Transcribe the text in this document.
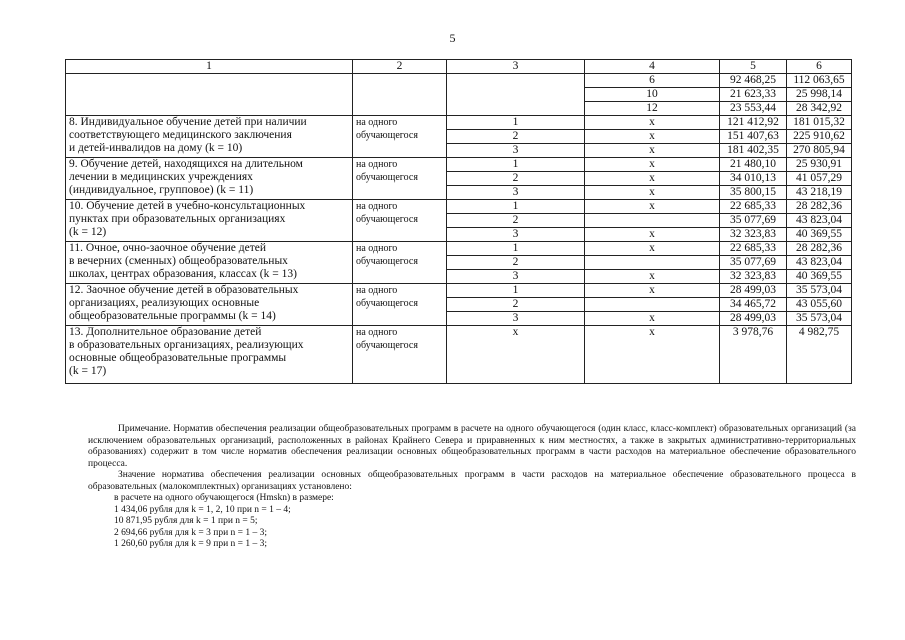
5
1	2	3	4	5	6
			6	92 468,25	112 063,65
			10	21 623,33	25 998,14
			12	23 553,44	28 342,92
8. Индивидуальное обучение детей при наличии
соответствующего медицинского заключения
и детей-инвалидов на дому (k = 10)	на одного
обучающегося	1	х	121 412,92	181 015,32
		2	х	151 407,63	225 910,62
		3	х	181 402,35	270 805,94
9. Обучение детей, находящихся на длительном
лечении в медицинских учреждениях
(индивидуальное, групповое) (k = 11)	на одного
обучающегося	1	х	21 480,10	25 930,91
		2	х	34 010,13	41 057,29
		3	х	35 800,15	43 218,19
10. Обучение детей в учебно-консультационных
пунктах при образовательных организациях
(k = 12)	на одного
обучающегося	1	х	22 685,33	28 282,36
		2		35 077,69	43 823,04
		3	х	32 323,83	40 369,55
11. Очное, очно-заочное обучение детей
в вечерних (сменных) общеобразовательных
школах, центрах образования, классах (k = 13)	на одного
обучающегося	1	х	22 685,33	28 282,36
		2		35 077,69	43 823,04
		3	х	32 323,83	40 369,55
12. Заочное обучение детей в образовательных
организациях, реализующих основные
общеобразовательные программы (k = 14)	на одного
обучающегося	1	х	28 499,03	35 573,04
		2		34 465,72	43 055,60
		3	х	28 499,03	35 573,04
13. Дополнительное образование детей
в образовательных организациях, реализующих
основные общеобразовательные программы
(k = 17)	на одного
обучающегося	х	х	3 978,76	4 982,75

Примечание. Норматив обеспечения реализации общеобразовательных программ в расчете на одного обучающегося (один класс, класс-комплект) образовательных организаций (за исключением образовательных организаций, расположенных в районах Крайнего Севера и приравненных к ним местностях, а также в закрытых административно-территориальных образованиях) содержит в том числе норматив обеспечения реализации основных общеобразовательных программ в части расходов на материальное обеспечение образовательного процесса.

Значение норматива обеспечения реализации основных общеобразовательных программ в части расходов на материальное обеспечение образовательного процесса в образовательных (малокомплектных) организациях установлено:

в расчете на одного обучающегося (Hmskn) в размере:

1 434,06 рубля для k = 1, 2, 10 при n = 1 – 4;

10 871,95 рубля для k = 1 при n = 5;

2 694,66 рубля для k = 3 при n = 1 – 3;

1 260,60 рубля для k = 9 при n = 1 – 3;
